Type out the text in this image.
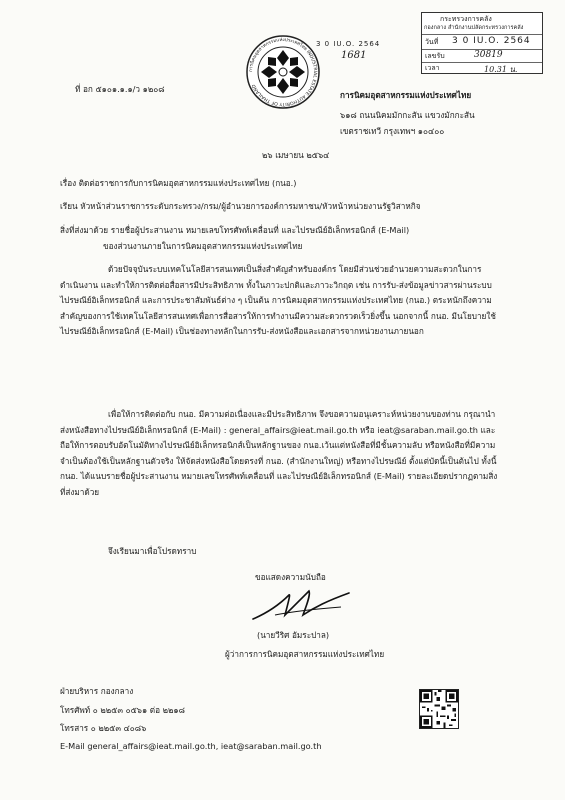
ที่ อก ๕๑๐๑.๑.๑/ว ๑๒๐๘
การนิคมอุตสาหกรรมแห่งประเทศไทย INDUSTRIAL ESTATE AUTHORITY OF THAILAND
3 0 IU.O. 2564
1681
กระทรวงการคลัง
กองกลาง สำนักงานปลัดกระทรวงการคลัง
วันที่ 3 0 IU.O. 2564
เลขรับ	30819
เวลา	10.31 น.
การนิคมอุตสาหกรรมแห่งประเทศไทย
๖๑๘ ถนนนิคมมักกะสัน แขวงมักกะสัน
เขตราชเทวี กรุงเทพฯ ๑๐๔๐๐
๒๖ เมษายน ๒๕๖๔
เรื่อง ติดต่อราชการกับการนิคมอุตสาหกรรมแห่งประเทศไทย (กนอ.)
เรียน หัวหน้าส่วนราชการระดับกระทรวง/กรม/ผู้อำนวยการองค์การมหาชน/หัวหน้าหน่วยงานรัฐวิสาหกิจ
สิ่งที่ส่งมาด้วย รายชื่อผู้ประสานงาน หมายเลขโทรศัพท์เคลื่อนที่ และไปรษณีย์อิเล็กทรอนิกส์ (E-Mail)
ของส่วนงานภายในการนิคมอุตสาหกรรมแห่งประเทศไทย
ด้วยปัจจุบันระบบเทคโนโลยีสารสนเทศเป็นสิ่งสำคัญสำหรับองค์กร โดยมีส่วนช่วยอำนวยความสะดวกในการดำเนินงาน และทำให้การติดต่อสื่อสารมีประสิทธิภาพ ทั้งในภาวะปกติและภาวะวิกฤต เช่น การรับ-ส่งข้อมูลข่าวสารผ่านระบบไปรษณีย์อิเล็กทรอนิกส์ และการประชาสัมพันธ์ต่าง ๆ เป็นต้น การนิคมอุตสาหกรรมแห่งประเทศไทย (กนอ.) ตระหนักถึงความสำคัญของการใช้เทคโนโลยีสารสนเทศเพื่อการสื่อสารให้การทำงานมีความสะดวกรวดเร็วยิ่งขึ้น นอกจากนี้ กนอ. มีนโยบายใช้ไปรษณีย์อิเล็กทรอนิกส์ (E-Mail) เป็นช่องทางหลักในการรับ-ส่งหนังสือและเอกสารจากหน่วยงานภายนอก
เพื่อให้การติดต่อกับ กนอ. มีความต่อเนื่องและมีประสิทธิภาพ จึงขอความอนุเคราะห์หน่วยงานของท่าน กรุณานำส่งหนังสือทางไปรษณีย์อิเล็กทรอนิกส์ (E-Mail) : general_affairs@ieat.mail.go.th หรือ ieat@saraban.mail.go.th และถือให้การตอบรับอัตโนมัติทางไปรษณีย์อิเล็กทรอนิกส์เป็นหลักฐานของ กนอ.เว้นแต่หนังสือที่มีชั้นความลับ หรือหนังสือที่มีความจำเป็นต้องใช้เป็นหลักฐานตัวจริง ให้จัดส่งหนังสือโดยตรงที่ กนอ. (สำนักงานใหญ่) หรือทางไปรษณีย์ ตั้งแต่บัดนี้เป็นต้นไป ทั้งนี้ กนอ. ได้แนบรายชื่อผู้ประสานงาน หมายเลขโทรศัพท์เคลื่อนที่ และไปรษณีย์อิเล็กทรอนิกส์ (E-Mail) รายละเอียดปรากฏตามสิ่งที่ส่งมาด้วย
จึงเรียนมาเพื่อโปรดทราบ
ขอแสดงความนับถือ
(นายวีริศ อัมระปาล)
ผู้ว่าการการนิคมอุตสาหกรรมแห่งประเทศไทย
ฝ่ายบริหาร กองกลาง
โทรศัพท์ ๐ ๒๒๕๓ ๐๕๖๑ ต่อ ๒๒๑๘
โทรสาร ๐ ๒๒๕๓ ๔๐๘๖
E-Mail general_affairs@ieat.mail.go.th, ieat@saraban.mail.go.th
